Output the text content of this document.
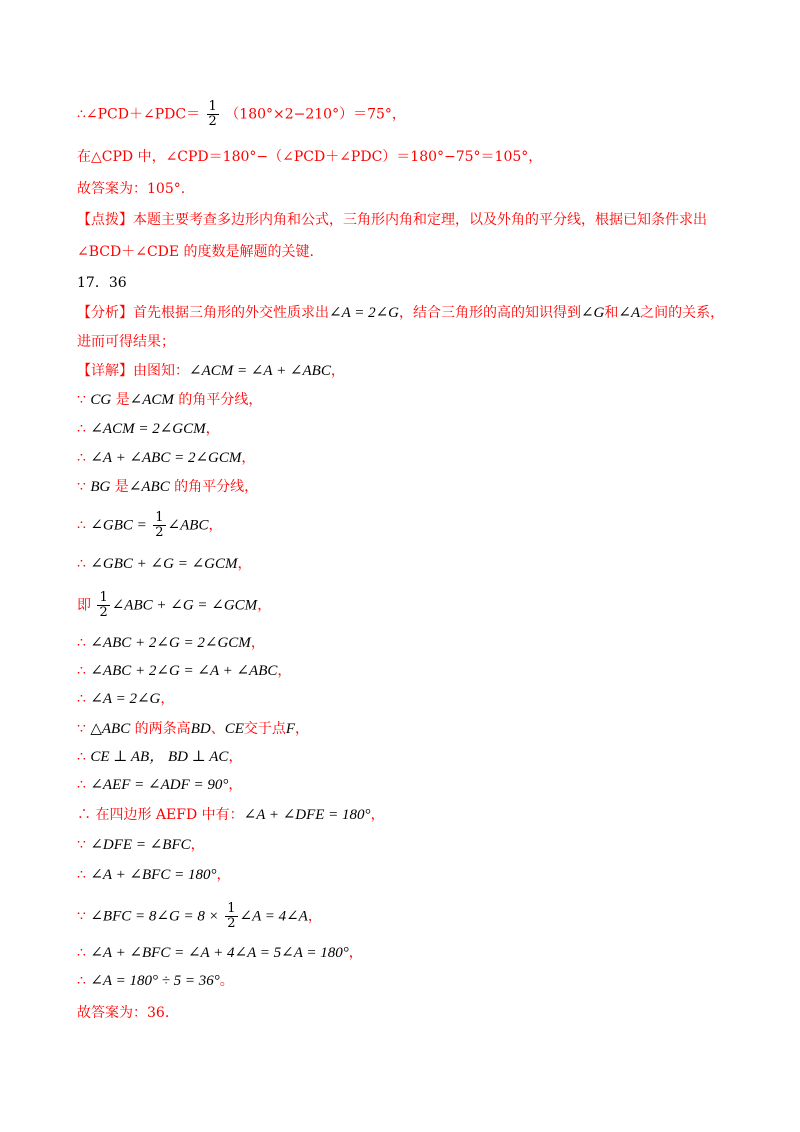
∴∠PCD＋∠PDC＝ $\frac{1}{2} (180^\circ\times 2-210^\circ)=75^\circ$，
在△CPD 中，∠CPD＝180°−（∠PCD＋∠PDC）＝180°−75°＝105°，
故答案为：105°.
【点拨】本题主要考查多边形内角和公式，三角形内角和定理，以及外角的平分线，根据已知条件求出
∠BCD＋∠CDE 的度数是解题的关键.
17．36
【分析】首先根据三角形的外交性质求出∠A = 2∠G，结合三角形的高的知识得到∠G和∠A之间的关系，
进而可得结果；
【详解】由图知：∠ACM = ∠A + ∠ABC，
∵ CG 是∠ACM 的角平分线，
∴ ∠ACM = 2∠GCM，
∴ ∠A + ∠ABC = 2∠GCM，
∵ BG 是∠ABC 的角平分线，
∴ ∠GBC = $\frac{1}{2}$ ∠ABC，
∴ ∠GBC + ∠G = ∠GCM，
即 $\frac{1}{2}$ ∠ABC + ∠G = ∠GCM，
∴ ∠ABC + 2∠G = 2∠GCM，
∴ ∠ABC + 2∠G = ∠A + ∠ABC，
∴ ∠A = 2∠G，
∵ △ABC 的两条高BD、CE交于点F，
∴ CE ⊥ AB， BD ⊥ AC，
∴ ∠AEF = ∠ADF = 90°，
∴ 在四边形 AEFD 中有：∠A + ∠DFE = 180°，
∵ ∠DFE = ∠BFC，
∴ ∠A + ∠BFC = 180°，
∵ ∠BFC = 8∠G = $8 \times \frac{1}{2}$ ∠A = 4∠A，
∴ ∠A + ∠BFC = ∠A + 4∠A = 5∠A = 180°，
∴ ∠A = 180° ÷ 5 = 36°。
故答案为：36.
